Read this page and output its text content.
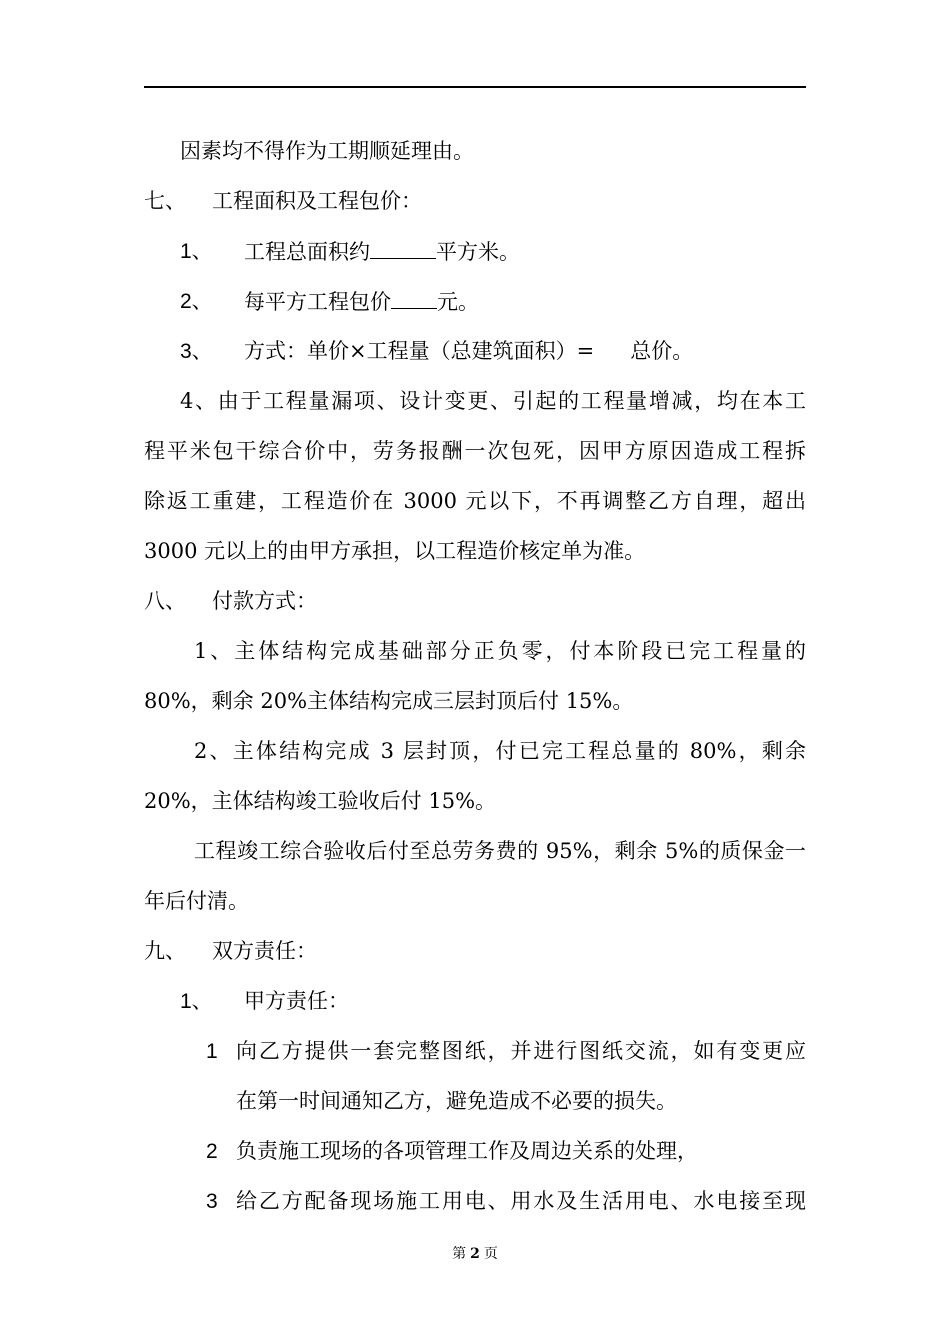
因素均不得作为工期顺延理由。
七、 工程面积及工程包价：
1、 工程总面积约	平方米。
2、 每平方工程包价 元。
3、 方式：单价×工程量（总建筑面积）= 总价。
4、由于工程量漏项、设计变更、引起的工程量增减，均在本工
程平米包干综合价中，劳务报酬一次包死，因甲方原因造成工程拆
除返工重建，工程造价在 3000 元以下，不再调整乙方自理，超出
3000 元以上的由甲方承担，以工程造价核定单为准。
八、 付款方式：
1、主体结构完成基础部分正负零，付本阶段已完工程量的
80%，剩余 20%主体结构完成三层封顶后付 15%。
2、主体结构完成 3 层封顶，付已完工程总量的 80%，剩余
20%，主体结构竣工验收后付 15%。
工程竣工综合验收后付至总劳务费的 95%，剩余 5%的质保金一
年后付清。
九、 双方责任：
1、 甲方责任：
1 向乙方提供一套完整图纸，并进行图纸交流，如有变更应
在第一时间通知乙方，避免造成不必要的损失。
2 负责施工现场的各项管理工作及周边关系的处理，
3 给乙方配备现场施工用电、用水及生活用电、水电接至现
第 2 页
